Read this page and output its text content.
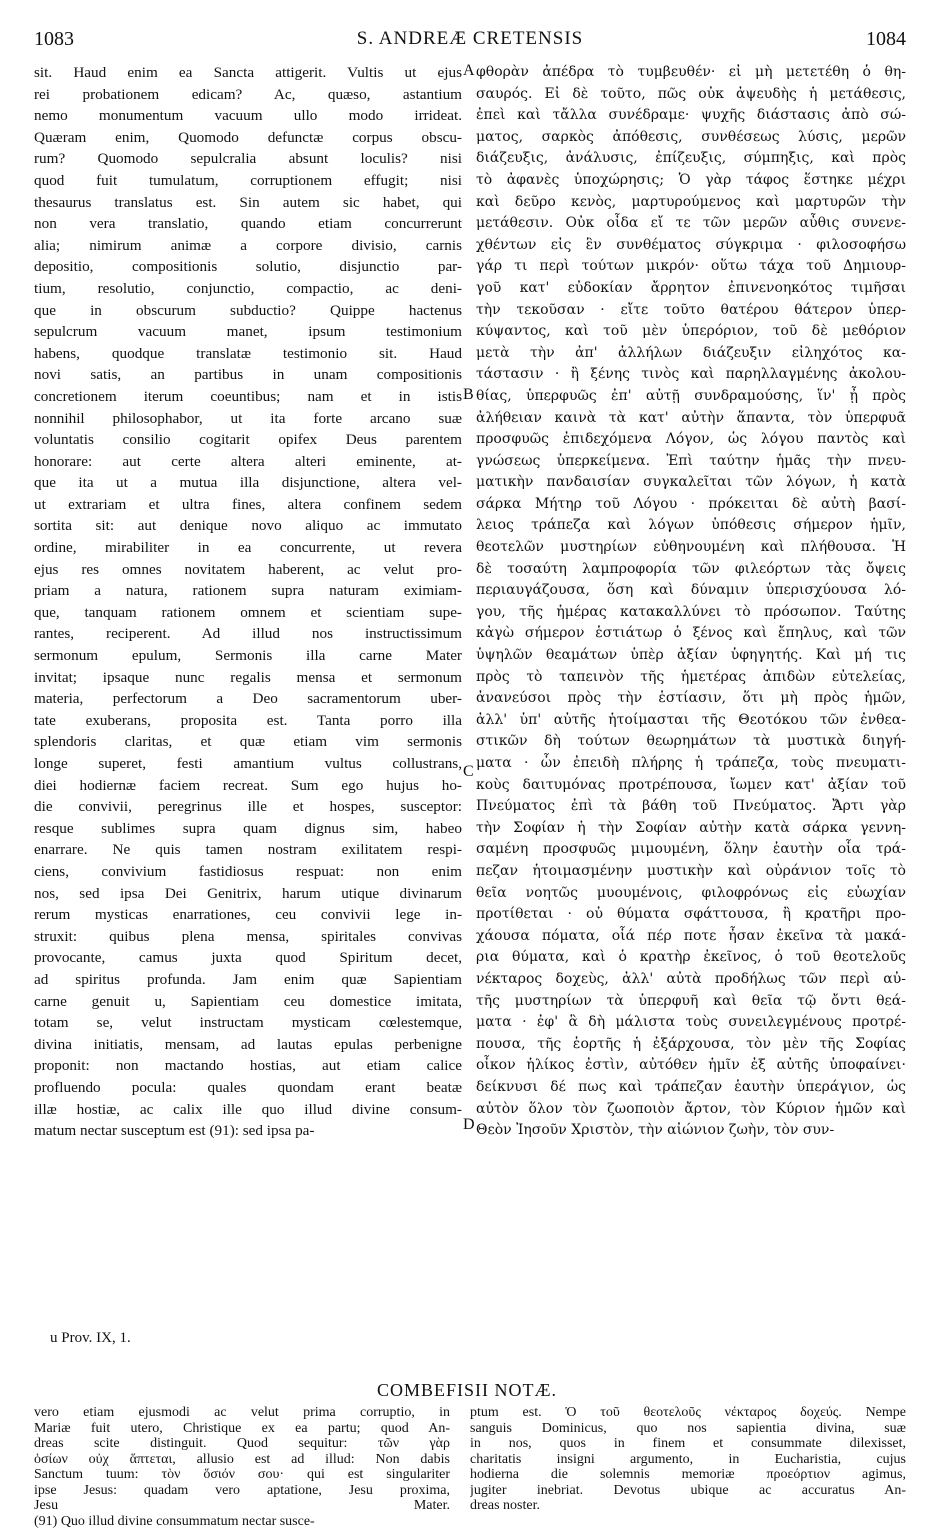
1083	S. ANDREÆ CRETENSIS	1084
sit. Haud enim ea Sancta attigerit. Vultis ut ejus
rei probationem edicam? Ac, quæso, astantium
nemo monumentum vacuum ullo modo irrideat.
Quæram enim, Quomodo defunctæ corpus obscu-
rum? Quomodo sepulcralia absunt loculis? nisi
quod fuit tumulatum, corruptionem effugit; nisi
thesaurus translatus est. Sin autem sic habet, qui
non vera translatio, quando etiam concurrerunt
alia; nimirum animæ a corpore divisio, carnis
depositio, compositionis solutio, disjunctio par-
tium, resolutio, conjunctio, compactio, ac deni-
que in obscurum subductio? Quippe hactenus
sepulcrum vacuum manet, ipsum testimonium
habens, quodque translatæ testimonio sit. Haud
novi satis, an partibus in unam compositionis
concretionem iterum coeuntibus; nam et in istis
nonnihil philosophabor, ut ita forte arcano suæ
voluntatis consilio cogitarit opifex Deus parentem
honorare: aut certe altera alteri eminente, at-
que ita ut a mutua illa disjunctione, altera vel-
ut extrariam et ultra fines, altera confinem sedem
sortita sit: aut denique novo aliquo ac immutato
ordine, mirabiliter in ea concurrente, ut revera
ejus res omnes novitatem haberent, ac velut pro-
priam a natura, rationem supra naturam eximiam-
que, tanquam rationem omnem et scientiam supe-
rantes, reciperent. Ad illud nos instructissimum
sermonum epulum, Sermonis illa carne Mater
invitat; ipsaque nunc regalis mensa et sermonum
materia, perfectorum a Deo sacramentorum uber-
tate exuberans, proposita est. Tanta porro illa
splendoris claritas, et quæ etiam vim sermonis
longe superet, festi amantium vultus collustrans,
diei hodiernæ faciem recreat. Sum ego hujus ho-
die convivii, peregrinus ille et hospes, susceptor:
resque sublimes supra quam dignus sim, habeo
enarrare. Ne quis tamen nostram exilitatem respi-
ciens, convivium fastidiosus respuat: non enim
nos, sed ipsa Dei Genitrix, harum utique divinarum
rerum mysticas enarrationes, ceu convivii lege in-
struxit: quibus plena mensa, spiritales convivas
provocante, camus juxta quod Spiritum decet,
ad spiritus profunda. Jam enim quæ Sapientiam
carne genuit u, Sapientiam ceu domestice imitata,
totam se, velut instructam mysticam cœlestemque,
divina initiatis, mensam, ad lautas epulas perbenigne
proponit: non mactando hostias, aut etiam calice
profluendo pocula: quales quondam erant beatæ
illæ hostiæ, ac calix ille quo illud divine consum-
matum nectar susceptum est (91): sed ipsa pa-
φθορὰν ἀπέδρα τὸ τυμβευθέν· εἰ μὴ μετετέθη ὁ θη-
σαυρός. Εἰ δὲ τοῦτο, πῶς οὐκ ἀψευδὴς ἡ μετάθεσις,
ἐπεὶ καὶ τἄλλα συνέδραμε· ψυχῆς διάστασις ἀπὸ σώ-
ματος, σαρκὸς ἀπόθεσις, συνθέσεως λύσις, μερῶν
διάζευξις, ἀνάλυσις, ἐπίζευξις, σύμπηξις, καὶ πρὸς
τὸ ἀφανὲς ὑποχώρησις; Ὁ γὰρ τάφος ἕστηκε μέχρι
καὶ δεῦρο κενὸς, μαρτυρούμενος καὶ μαρτυρῶν τὴν
μετάθεσιν. Οὐκ οἶδα εἴ τε τῶν μερῶν αὖθις συνενε-
χθέντων εἰς ἓν συνθέματος σύγκριμα · φιλοσοφήσω
γάρ τι περὶ τούτων μικρόν· οὕτω τάχα τοῦ Δημιουρ-
γοῦ κατ' εὐδοκίαν ἄρρητον ἐπινενοηκότος τιμῆσαι
τὴν τεκοῦσαν · εἴτε τοῦτο θατέρου θάτερον ὑπερ-
κύψαντος, καὶ τοῦ μὲν ὑπερόριον, τοῦ δὲ μεθόριον
μετὰ τὴν ἀπ' ἀλλήλων διάζευξιν εἰληχότος κα-
τάστασιν · ἢ ξένης τινὸς καὶ παρηλλαγμένης ἀκολου-
θίας, ὑπερφυῶς ἐπ' αὐτῇ συνδραμούσης, ἵν' ᾖ πρὸς
ἀλήθειαν καινὰ τὰ κατ' αὐτὴν ἅπαντα, τὸν ὑπερφυᾶ
προσφυῶς ἐπιδεχόμενα Λόγον, ὡς λόγου παντὸς καὶ
γνώσεως ὑπερκείμενα. Ἐπὶ ταύτην ἡμᾶς τὴν πνευ-
ματικὴν πανδαισίαν συγκαλεῖται τῶν λόγων, ἡ κατὰ
σάρκα Μήτηρ τοῦ Λόγου · πρόκειται δὲ αὐτὴ βασί-
λειος τράπεζα καὶ λόγων ὑπόθεσις σήμερον ἡμῖν,
θεοτελῶν μυστηρίων εὐθηνουμένη καὶ πλήθουσα. Ἡ
δὲ τοσαύτη λαμπροφορία τῶν φιλεόρτων τὰς ὄψεις
περιαυγάζουσα, ὅση καὶ δύναμιν ὑπερισχύουσα λό-
γου, τῆς ἡμέρας κατακαλλύνει τὸ πρόσωπον. Ταύτης
κἀγὼ σήμερον ἑστιάτωρ ὁ ξένος καὶ ἔπηλυς, καὶ τῶν
ὑψηλῶν θεαμάτων ὑπὲρ ἀξίαν ὑφηγητής. Καὶ μή τις
πρὸς τὸ ταπεινὸν τῆς ἡμετέρας ἀπιδὼν εὐτελείας,
ἀνανεύσοι πρὸς τὴν ἑστίασιν, ὅτι μὴ πρὸς ἡμῶν,
ἀλλ' ὑπ' αὐτῆς ἡτοίμασται τῆς Θεοτόκου τῶν ἐνθεα-
στικῶν δὴ τούτων θεωρημάτων τὰ μυστικὰ διηγή-
ματα · ὧν ἐπειδὴ πλήρης ἡ τράπεζα, τοὺς πνευματι-
κοὺς δαιτυμόνας προτρέπουσα, ἴωμεν κατ' ἀξίαν τοῦ
Πνεύματος ἐπὶ τὰ βάθη τοῦ Πνεύματος. Ἄρτι γὰρ
τὴν Σοφίαν ἡ τὴν Σοφίαν αὐτὴν κατὰ σάρκα γεννη-
σαμένη προσφυῶς μιμουμένη, ὅλην ἑαυτὴν οἷα τρά-
πεζαν ἡτοιμασμένην μυστικὴν καὶ οὐράνιον τοῖς τὸ
θεῖα νοητῶς μυουμένοις, φιλοφρόνως εἰς εὐωχίαν
προτίθεται · οὐ θύματα σφάττουσα, ἢ κρατῆρι προ-
χάουσα πόματα, οἷά πέρ ποτε ἦσαν ἐκεῖνα τὰ μακά-
ρια θύματα, καὶ ὁ κρατὴρ ἐκεῖνος, ὁ τοῦ θεοτελοῦς
νέκταρος δοχεὺς, ἀλλ' αὐτὰ προδήλως τῶν περὶ αὐ-
τῆς μυστηρίων τὰ ὑπερφυῆ καὶ θεῖα τῷ ὄντι θεά-
ματα · ἐφ' ἃ δὴ μάλιστα τοὺς συνειλεγμένους προτρέ-
πουσα, τῆς ἑορτῆς ἡ ἐξάρχουσα, τὸν μὲν τῆς Σοφίας
οἶκον ἡλίκος ἐστὶν, αὐτόθεν ἡμῖν ἐξ αὐτῆς ὑποφαίνει·
δείκνυσι δέ πως καὶ τράπεζαν ἑαυτὴν ὑπεράγιον, ὡς
αὐτὸν ὅλον τὸν ζωοποιὸν ἄρτον, τὸν Κύριον ἡμῶν καὶ
Θεὸν Ἰησοῦν Χριστὸν, τὴν αἰώνιον ζωὴν, τὸν συν-
A
B
C
D
u Prov. IX, 1.
COMBEFISII NOTÆ.
vero etiam ejusmodi ac velut prima corruptio, in
Mariæ fuit utero, Christique ex ea partu; quod An-
dreas scite distinguit. Quod sequitur: τῶν γὰρ
ὁσίων οὐχ ἅπτεται, allusio est ad illud: Non dabis
Sanctum tuum: τὸν ὅσιόν σου· qui est singulariter
ipse Jesus: quadam vero aptatione, Jesu proxima,
Jesu Mater.
(91) Quo illud divine consummatum nectar susce-
ptum est. Ὁ τοῦ θεοτελοῦς νέκταρος δοχεύς. Nempe
sanguis Dominicus, quo nos sapientia divina, suæ
in nos, quos in finem et consummate dilexisset,
charitatis insigni argumento, in Eucharistia, cujus
hodierna die solemnis memoriæ προεόρτιον agimus,
jugiter inebriat. Devotus ubique ac accuratus An-
dreas noster.
